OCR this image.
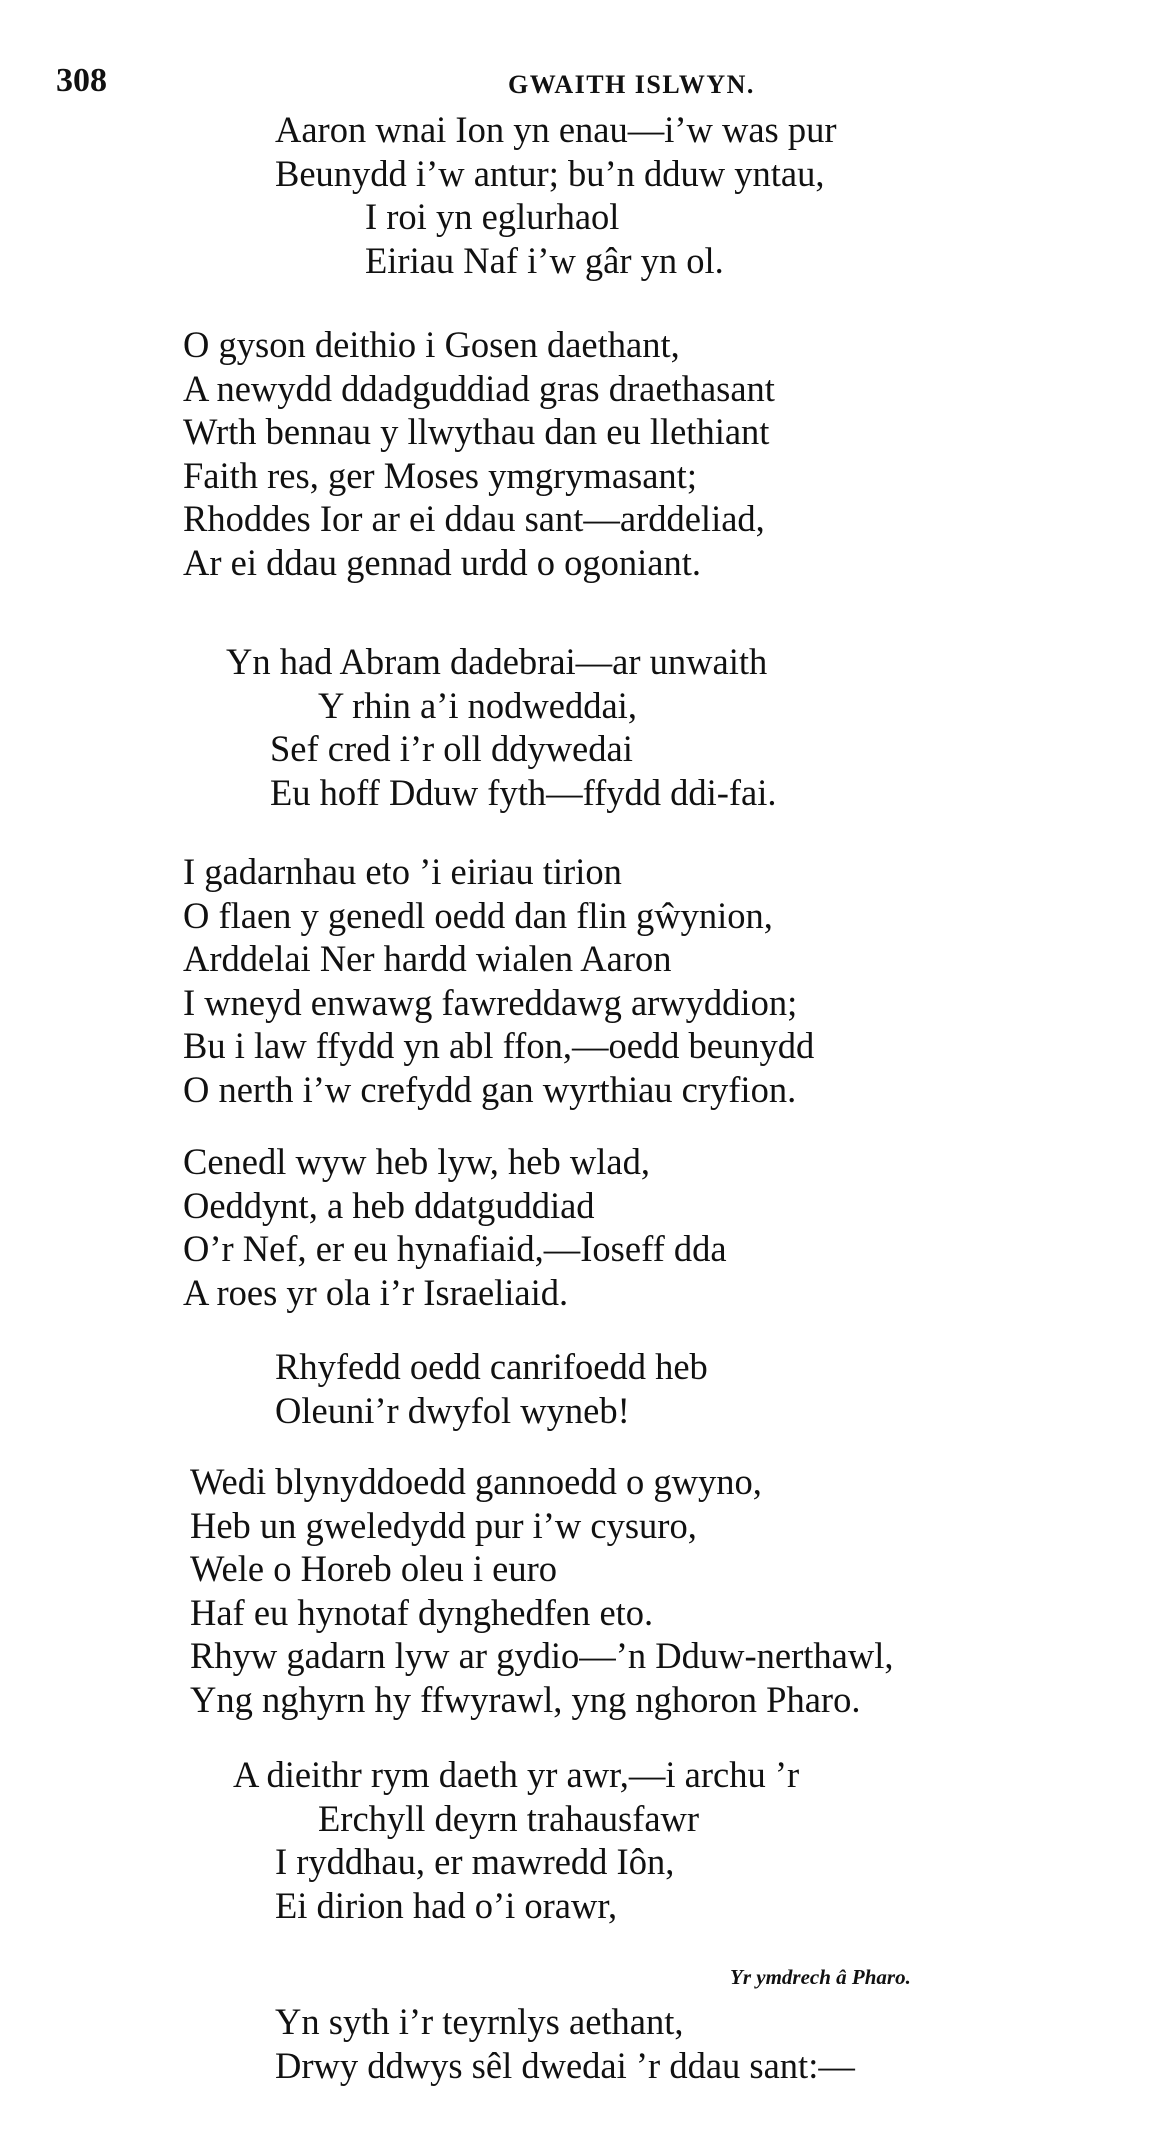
308	GWAITH ISLWYN.
Aaron wnai Ion yn enau—i’w was pur
Beunydd i’w antur; bu’n dduw yntau,
I roi yn eglurhaol
Eiriau Naf i’w gâr yn ol.
O gyson deithio i Gosen daethant,
A newydd ddadguddiad gras draethasant
Wrth bennau y llwythau dan eu llethiant
Faith res, ger Moses ymgrymasant;
Rhoddes Ior ar ei ddau sant—arddeliad,
Ar ei ddau gennad urdd o ogoniant.
Yn had Abram dadebrai—ar unwaith
Y rhin a’i nodweddai,
Sef cred i’r oll ddywedai
Eu hoff Dduw fyth—ffydd ddi-fai.
I gadarnhau eto ’i eiriau tirion
O flaen y genedl oedd dan flin gŵynion,
Arddelai Ner hardd wialen Aaron
I wneyd enwawg fawreddawg arwyddion;
Bu i law ffydd yn abl ffon,—oedd beunydd
O nerth i’w crefydd gan wyrthiau cryfion.
Cenedl wyw heb lyw, heb wlad,
Oeddynt, a heb ddatguddiad
O’r Nef, er eu hynafiaid,—Ioseff dda
A roes yr ola i’r Israeliaid.
Rhyfedd oedd canrifoedd heb
Oleuni’r dwyfol wyneb!
Wedi blynyddoedd gannoedd o gwyno,
Heb un gweledydd pur i’w cysuro,
Wele o Horeb oleu i euro
Haf eu hynotaf dynghedfen eto.
Rhyw gadarn lyw ar gydio—’n Dduw-nerthawl,
Yng nghyrn hy ffwyrawl, yng nghoron Pharo.
A dieithr rym daeth yr awr,—i archu ’r
Erchyll deyrn trahausfawr
I ryddhau, er mawredd Iôn,
Ei dirion had o’i orawr,
Yr ymdrech â Pharo.
Yn syth i’r teyrnlys aethant,
Drwy ddwys sêl dwedai ’r ddau sant:—
